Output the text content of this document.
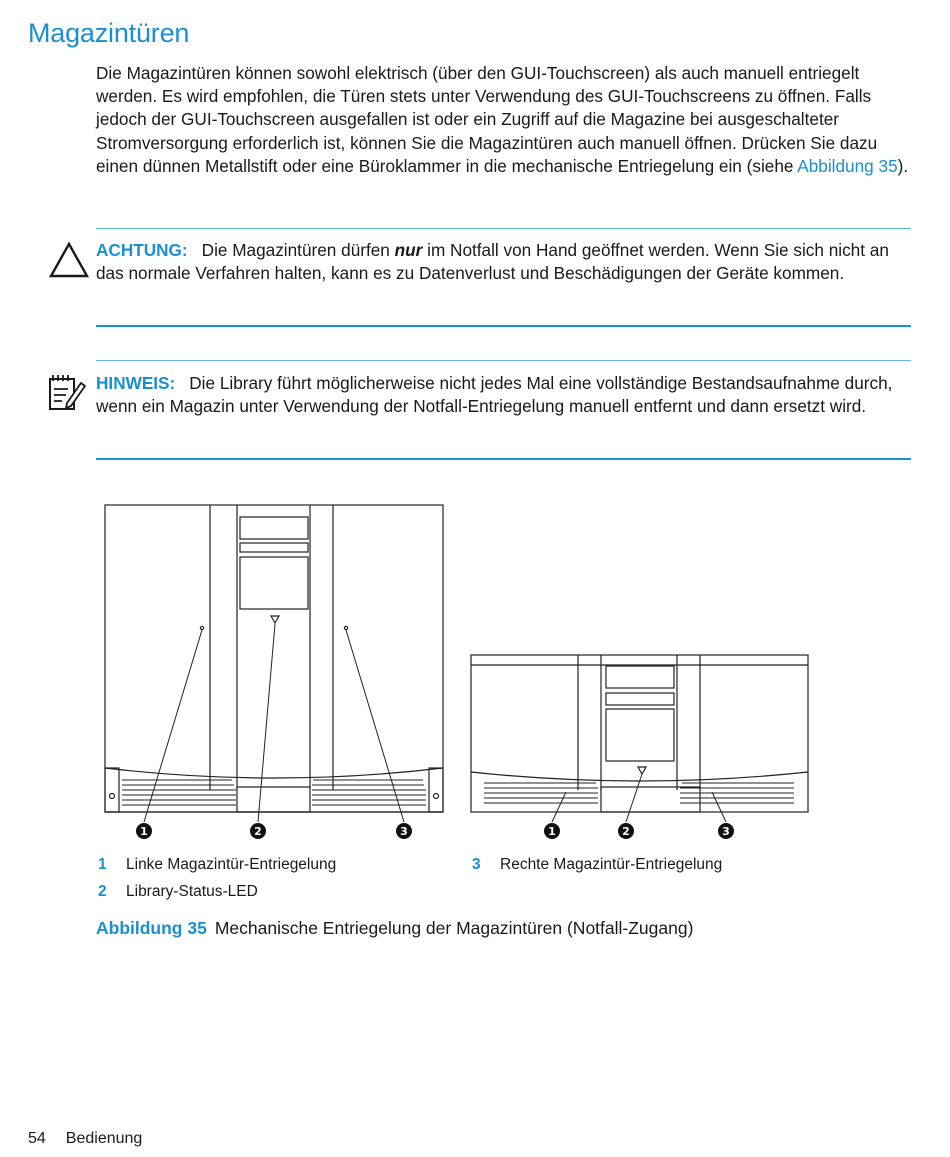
Magazintüren
Die Magazintüren können sowohl elektrisch (über den GUI-Touchscreen) als auch manuell entriegelt werden. Es wird empfohlen, die Türen stets unter Verwendung des GUI-Touchscreens zu öffnen. Falls jedoch der GUI-Touchscreen ausgefallen ist oder ein Zugriff auf die Magazine bei ausgeschalteter Stromversorgung erforderlich ist, können Sie die Magazintüren auch manuell öffnen. Drücken Sie dazu einen dünnen Metallstift oder eine Büroklammer in die mechanische Entriegelung ein (siehe Abbildung 35).
ACHTUNG: Die Magazintüren dürfen nur im Notfall von Hand geöffnet werden. Wenn Sie sich nicht an das normale Verfahren halten, kann es zu Datenverlust und Beschädigungen der Geräte kommen.
HINWEIS: Die Library führt möglicherweise nicht jedes Mal eine vollständige Bestandsaufnahme durch, wenn ein Magazin unter Verwendung der Notfall-Entriegelung manuell entfernt und dann ersetzt wird.
1	2	3	1	2	3
1 Linke Magazintür-Entriegelung
2 Library-Status-LED
3 Rechte Magazintür-Entriegelung
Abbildung 35 Mechanische Entriegelung der Magazintüren (Notfall-Zugang)
54 Bedienung
